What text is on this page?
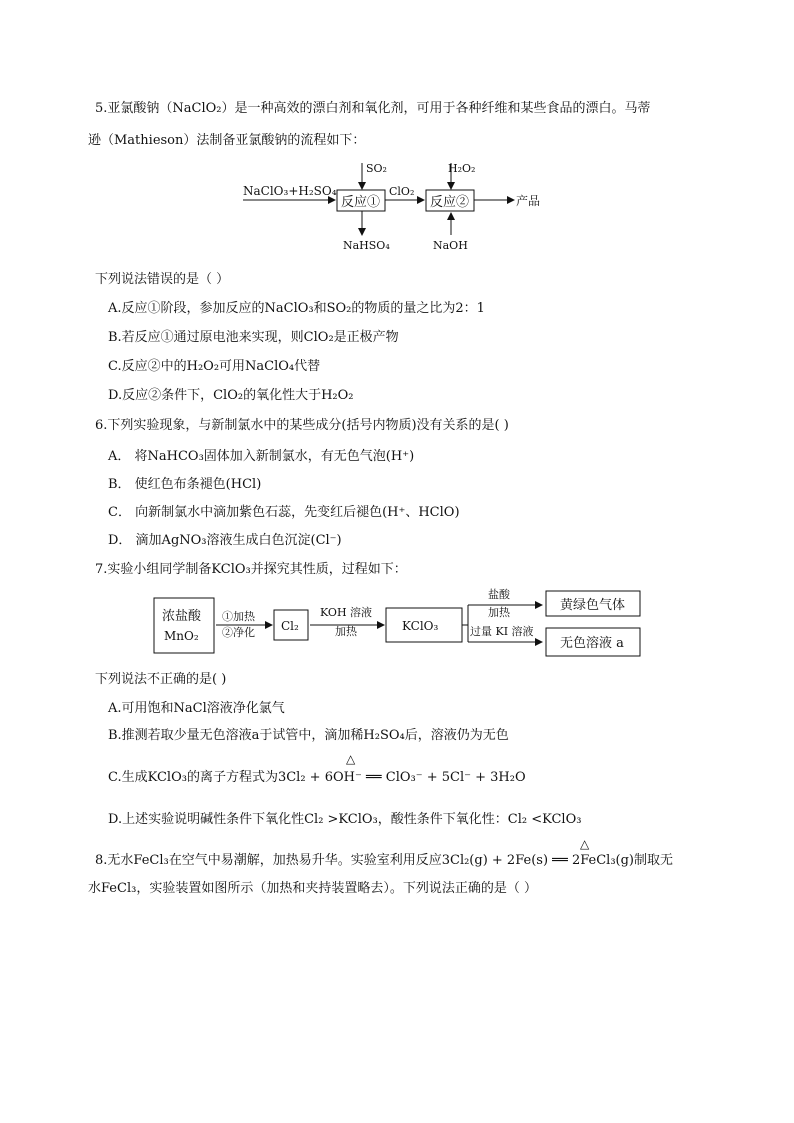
5.亚氯酸钠（NaClO₂）是一种高效的漂白剂和氧化剂，可用于各种纤维和某些食品的漂白。马蒂
逊（Mathieson）法制备亚氯酸钠的流程如下：
NaClO₃+H₂SO₄
SO₂
反应①
ClO₂
NaHSO₄
H₂O₂
反应②	产品
NaOH
下列说法错误的是（ ）
A.反应①阶段，参加反应的NaClO₃和SO₂的物质的量之比为2：1
B.若反应①通过原电池来实现，则ClO₂是正极产物
C.反应②中的H₂O₂可用NaClO₄代替
D.反应②条件下，ClO₂的氧化性大于H₂O₂
6.下列实验现象，与新制氯水中的某些成分(括号内物质)没有关系的是( )
A． 将NaHCO₃固体加入新制氯水，有无色气泡(H⁺)
B． 使红色布条褪色(HCl)
C． 向新制氯水中滴加紫色石蕊，先变红后褪色(H⁺、HClO)
D． 滴加AgNO₃溶液生成白色沉淀(Cl⁻)
7.实验小组同学制备KClO₃并探究其性质，过程如下：
浓盐酸
MnO₂
①加热
②净化 Cl₂
KOH 溶液
加热	KClO₃
盐酸
加热
过量 KI 溶液
黄绿色气体
无色溶液 a
下列说法不正确的是( )
A.可用饱和NaCl溶液净化氯气
B.推测若取少量无色溶液a于试管中，滴加稀H₂SO₄后，溶液仍为无色
△
C.生成KClO₃的离子方程式为3Cl₂ + 6OH⁻ ══ ClO₃⁻ + 5Cl⁻ + 3H₂O
D.上述实验说明碱性条件下氧化性Cl₂ >KClO₃，酸性条件下氧化性：Cl₂ <KClO₃
△
8.无水FeCl₃在空气中易潮解，加热易升华。实验室利用反应3Cl₂(g) + 2Fe(s) ══ 2FeCl₃(g)制取无
水FeCl₃，实验装置如图所示（加热和夹持装置略去）。下列说法正确的是（ ）
